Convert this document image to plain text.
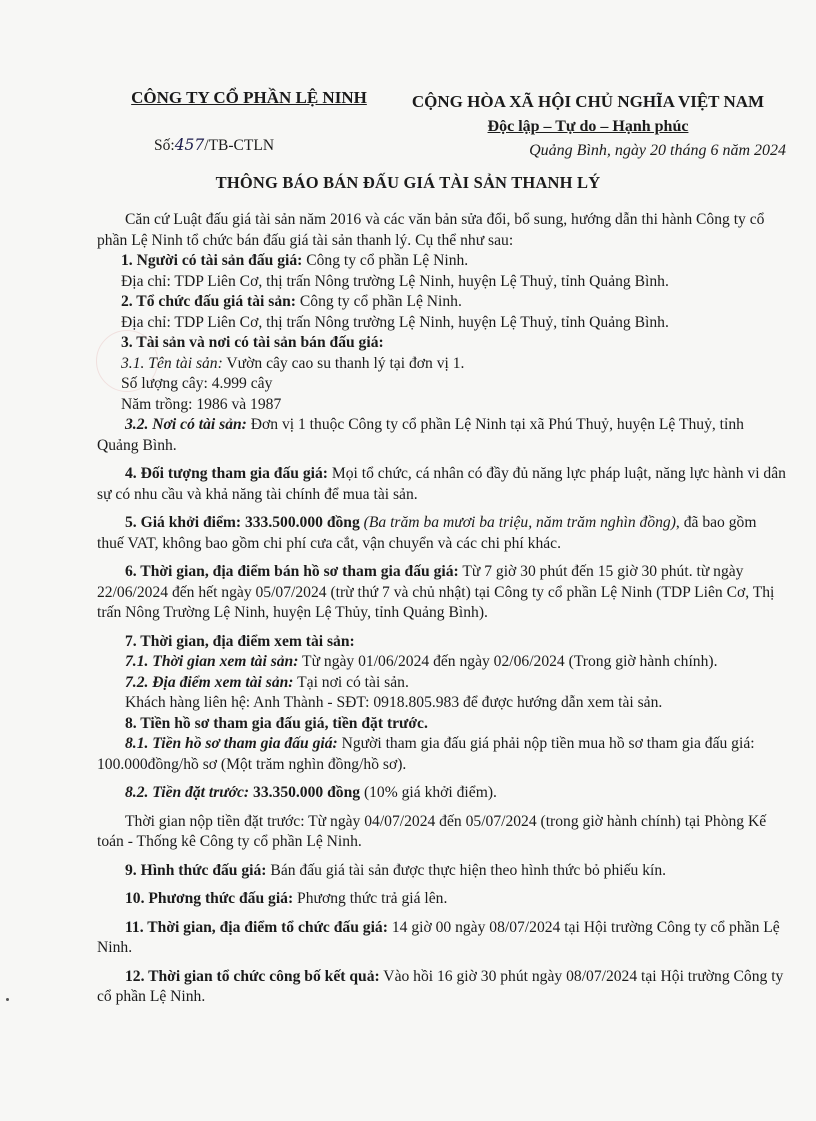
CÔNG TY CỔ PHẦN LỆ NINH
Số:457/TB-CTLN
CỘNG HÒA XÃ HỘI CHỦ NGHĨA VIỆT NAM
Độc lập – Tự do – Hạnh phúc
Quảng Bình, ngày 20 tháng 6 năm 2024
THÔNG BÁO BÁN ĐẤU GIÁ TÀI SẢN THANH LÝ

Căn cứ Luật đấu giá tài sản năm 2016 và các văn bản sửa đổi, bổ sung, hướng dẫn thi hành Công ty cổ phần Lệ Ninh tổ chức bán đấu giá tài sản thanh lý. Cụ thể như sau:

1. Người có tài sản đấu giá: Công ty cổ phần Lệ Ninh.

Địa chỉ: TDP Liên Cơ, thị trấn Nông trường Lệ Ninh, huyện Lệ Thuỷ, tỉnh Quảng Bình.

2. Tổ chức đấu giá tài sản: Công ty cổ phần Lệ Ninh.

Địa chỉ: TDP Liên Cơ, thị trấn Nông trường Lệ Ninh, huyện Lệ Thuỷ, tỉnh Quảng Bình.

3. Tài sản và nơi có tài sản bán đấu giá:

3.1. Tên tài sản: Vườn cây cao su thanh lý tại đơn vị 1.

Số lượng cây: 4.999 cây

Năm trồng: 1986 và 1987

3.2. Nơi có tài sản: Đơn vị 1 thuộc Công ty cổ phần Lệ Ninh tại xã Phú Thuỷ, huyện Lệ Thuỷ, tỉnh Quảng Bình.

4. Đối tượng tham gia đấu giá: Mọi tổ chức, cá nhân có đầy đủ năng lực pháp luật, năng lực hành vi dân sự có nhu cầu và khả năng tài chính để mua tài sản.

5. Giá khởi điểm: 333.500.000 đồng (Ba trăm ba mươi ba triệu, năm trăm nghìn đồng), đã bao gồm thuế VAT, không bao gồm chi phí cưa cắt, vận chuyển và các chi phí khác.

6. Thời gian, địa điểm bán hồ sơ tham gia đấu giá: Từ 7 giờ 30 phút đến 15 giờ 30 phút. từ ngày 22/06/2024 đến hết ngày 05/07/2024 (trừ thứ 7 và chủ nhật) tại Công ty cổ phần Lệ Ninh (TDP Liên Cơ, Thị trấn Nông Trường Lệ Ninh, huyện Lệ Thủy, tỉnh Quảng Bình).

7. Thời gian, địa điểm xem tài sản:

7.1. Thời gian xem tài sản: Từ ngày 01/06/2024 đến ngày 02/06/2024 (Trong giờ hành chính).

7.2. Địa điểm xem tài sản: Tại nơi có tài sản.

Khách hàng liên hệ: Anh Thành - SĐT: 0918.805.983 để được hướng dẫn xem tài sản.

8. Tiền hồ sơ tham gia đấu giá, tiền đặt trước.

8.1. Tiền hồ sơ tham gia đấu giá: Người tham gia đấu giá phải nộp tiền mua hồ sơ tham gia đấu giá: 100.000đồng/hồ sơ (Một trăm nghìn đồng/hồ sơ).

8.2. Tiền đặt trước: 33.350.000 đồng (10% giá khởi điểm).

Thời gian nộp tiền đặt trước: Từ ngày 04/07/2024 đến 05/07/2024 (trong giờ hành chính) tại Phòng Kế toán - Thống kê Công ty cổ phần Lệ Ninh.

9. Hình thức đấu giá: Bán đấu giá tài sản được thực hiện theo hình thức bỏ phiếu kín.

10. Phương thức đấu giá: Phương thức trả giá lên.

11. Thời gian, địa điểm tổ chức đấu giá: 14 giờ 00 ngày 08/07/2024 tại Hội trường Công ty cổ phần Lệ Ninh.

12. Thời gian tổ chức công bố kết quả: Vào hồi 16 giờ 30 phút ngày 08/07/2024 tại Hội trường Công ty cổ phần Lệ Ninh.
